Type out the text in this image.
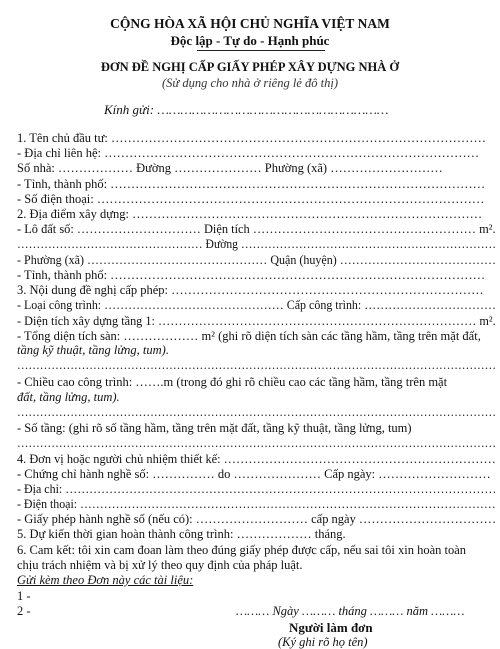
CỘNG HÒA XÃ HỘI CHỦ NGHĨA VIỆT NAM
Độc lập - Tự do - Hạnh phúc
ĐƠN ĐỀ NGHỊ CẤP GIẤY PHÉP XÂY DỰNG NHÀ Ở
(Sử dụng cho nhà ở riêng lẻ đô thị)
Kính gửi: ……………………………………………………
1. Tên chủ đầu tư: ………………………………………………………………………………
- Địa chỉ liên hệ: ………………………………………………………………………………
Số nhà: ……………… Đường ………………… Phường (xã) ………………………
- Tỉnh, thành phố: ………………………………………………………………………………
- Số điện thoại: …………………………………………………………………………………
2. Địa điểm xây dựng: …………………………………………………………………………
- Lô đất số: ………………………… Diện tích ……………………………………………… m².
………………………………………… Đường …………………………………………………………
- Phường (xã) ……………………………………… Quận (huyện) …………………………………
- Tỉnh, thành phố: ………………………………………………………………………………
3. Nội dung đề nghị cấp phép: …………………………………………………………………
- Loại công trình: ……………………………………… Cấp công trình: ……………………………
- Diện tích xây dựng tầng 1: …………………………………………………………………… m².
- Tổng diện tích sàn: ……………… m² (ghi rõ diện tích sàn các tầng hầm, tầng trên mặt đất,
tầng kỹ thuật, tầng lửng, tum).
………………………………………………………………………………………………………………
- Chiều cao công trình: …….m (trong đó ghi rõ chiều cao các tầng hầm, tầng trên mặt
đất, tầng lửng, tum).
………………………………………………………………………………………………………………
- Số tầng: (ghi rõ số tầng hầm, tầng trên mặt đất, tầng kỹ thuật, tầng lửng, tum)
………………………………………………………………………………………………………………
4. Đơn vị hoặc người chủ nhiệm thiết kế: …………………………………………………………
- Chứng chỉ hành nghề số: …………… do ………………… Cấp ngày: ………………………
- Địa chỉ: ………………………………………………………………………………………………
- Điện thoại: ……………………………………………………………………………………………
- Giấy phép hành nghề số (nếu có): ……………………… cấp ngày ……………………………
5. Dự kiến thời gian hoàn thành công trình: ……………… tháng.
6. Cam kết: tôi xin cam đoan làm theo đúng giấy phép được cấp, nếu sai tôi xin hoàn toàn
chịu trách nhiệm và bị xử lý theo quy định của pháp luật.
Gửi kèm theo Đơn này các tài liệu:
1 -
2 -	……… Ngày ……… tháng ……… năm ………
Người làm đơn
(Ký ghi rõ họ tên)
